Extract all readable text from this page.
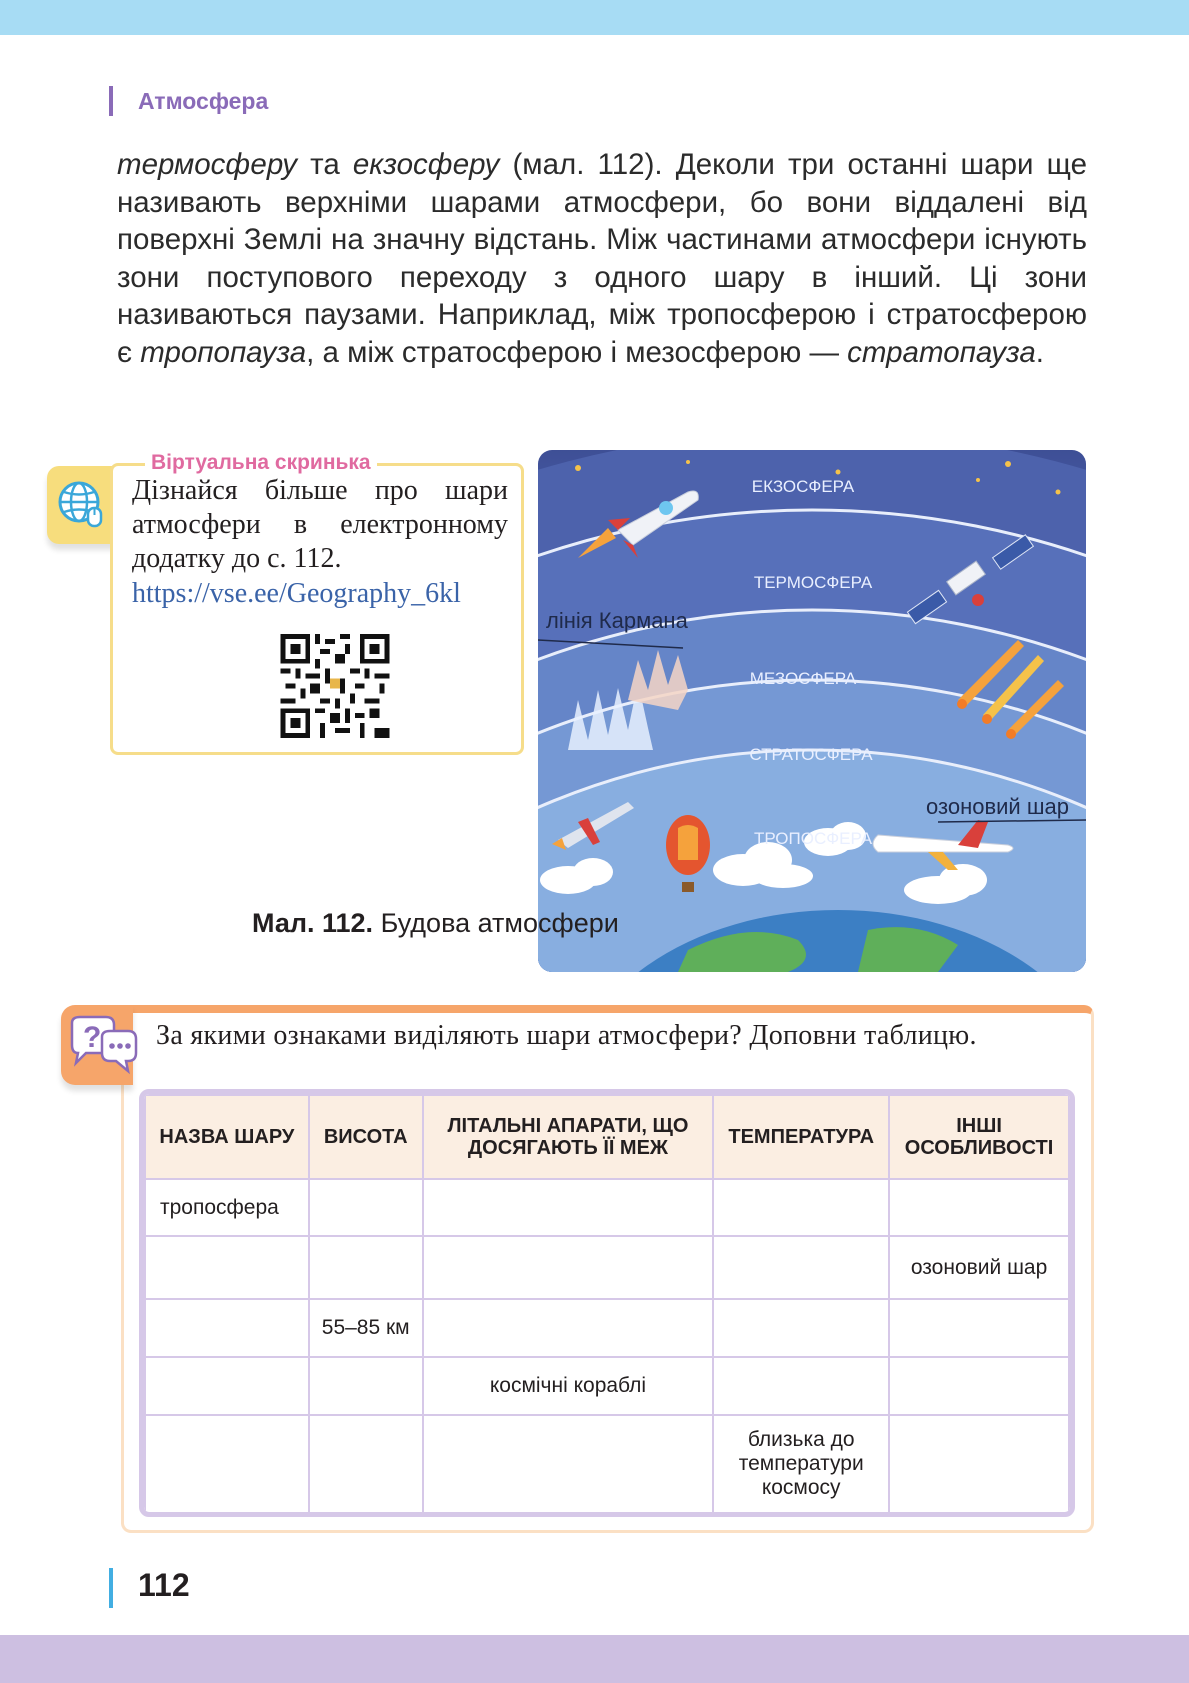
Атмосфера

термосферу та екзосферу (мал. 112). Деколи три останні шари ще називають верхніми шарами атмосфери, бо вони віддалені від поверхні Землі на значну відстань. Між частинами атмосфери існують зони поступового переходу з одного шару в інший. Ці зони називаються паузами. Наприклад, між тропосферою і стратосферою є тропопауза, а між стратосферою і мезосферою — стратопауза.

Віртуальна скринька
Дізнайся більше про шари атмосфери в електронному додатку до с. 112.
https://vse.ee/Geography_6kl
ЕКЗОСФЕРА
ТЕРМОСФЕРА
МЕЗОСФЕРА
СТРАТОСФЕРА
ТРОПОСФЕРА
лінія Кармана
озоновий шар
Мал. 112. Будова атмосфери
? За якими ознаками виділяють шари атмосфери? Доповни таблицю.
НАЗВА ШАРУ	ВИСОТА	ЛІТАЛЬНІ АПАРАТИ, ЩО ДОСЯГАЮТЬ ЇЇ МЕЖ	ТЕМПЕРАТУРА	ІНШІ ОСОБЛИВОСТІ
тропосфера				
				озоновий шар
	55–85 км			
		космічні кораблі		
			близька до температури космосу	
112
